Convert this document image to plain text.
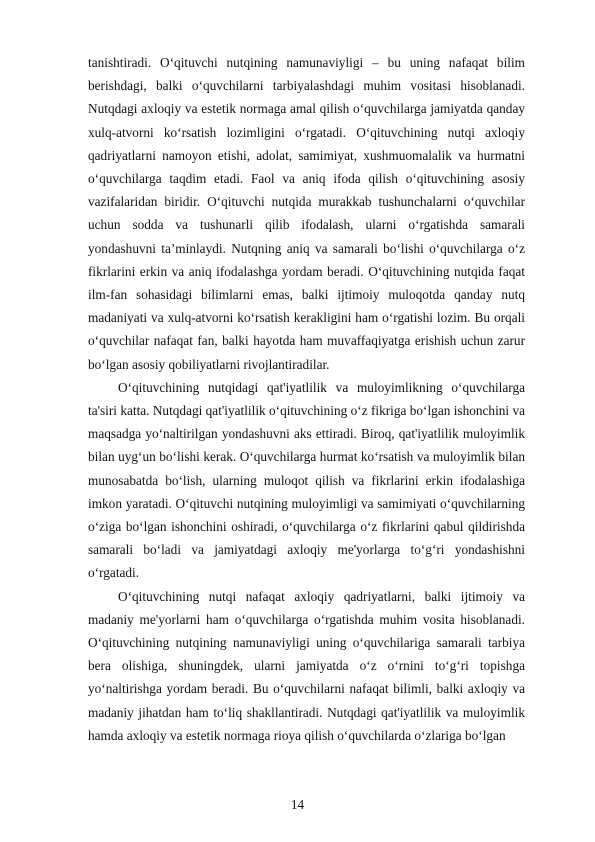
tanishtiradi. O‘qituvchi nutqining namunaviyligi – bu uning nafaqat bilim berishdagi, balki o‘quvchilarni tarbiyalashdagi muhim vositasi hisoblanadi. Nutqdagi axloqiy va estetik normaga amal qilish o‘quvchilarga jamiyatda qanday xulq-atvorni ko‘rsatish lozimligini o‘rgatadi. O‘qituvchining nutqi axloqiy qadriyatlarni namoyon etishi, adolat, samimiyat, xushmuomalalik va hurmatni o‘quvchilarga taqdim etadi. Faol va aniq ifoda qilish o‘qituvchining asosiy vazifalaridan biridir. O‘qituvchi nutqida murakkab tushunchalarni o‘quvchilar uchun sodda va tushunarli qilib ifodalash, ularni o‘rgatishda samarali yondashuvni ta’minlaydi. Nutqning aniq va samarali bo‘lishi o‘quvchilarga o‘z fikrlarini erkin va aniq ifodalashga yordam beradi. O‘qituvchining nutqida faqat ilm-fan sohasidagi bilimlarni emas, balki ijtimoiy muloqotda qanday nutq madaniyati va xulq-atvorni ko‘rsatish kerakligini ham o‘rgatishi lozim. Bu orqali o‘quvchilar nafaqat fan, balki hayotda ham muvaffaqiyatga erishish uchun zarur bo‘lgan asosiy qobiliyatlarni rivojlantiradilar.

O‘qituvchining nutqidagi qat'iyatlilik va muloyimlikning o‘quvchilarga ta'siri katta. Nutqdagi qat'iyatlilik o‘qituvchining o‘z fikriga bo‘lgan ishonchini va maqsadga yo‘naltirilgan yondashuvni aks ettiradi. Biroq, qat'iyatlilik muloyimlik bilan uyg‘un bo‘lishi kerak. O‘quvchilarga hurmat ko‘rsatish va muloyimlik bilan munosabatda bo‘lish, ularning muloqot qilish va fikrlarini erkin ifodalashiga imkon yaratadi. O‘qituvchi nutqining muloyimligi va samimiyati o‘quvchilarning o‘ziga bo‘lgan ishonchini oshiradi, o‘quvchilarga o‘z fikrlarini qabul qildirishda samarali bo‘ladi va jamiyatdagi axloqiy me'yorlarga to‘g‘ri yondashishni o‘rgatadi.

O‘qituvchining nutqi nafaqat axloqiy qadriyatlarni, balki ijtimoiy va madaniy me'yorlarni ham o‘quvchilarga o‘rgatishda muhim vosita hisoblanadi. O‘qituvchining nutqining namunaviyligi uning o‘quvchilariga samarali tarbiya bera olishiga, shuningdek, ularni jamiyatda o‘z o‘rnini to‘g‘ri topishga yo‘naltirishga yordam beradi. Bu o‘quvchilarni nafaqat bilimli, balki axloqiy va madaniy jihatdan ham to‘liq shakllantiradi. Nutqdagi qat'iyatlilik va muloyimlik hamda axloqiy va estetik normaga rioya qilish o‘quvchilarda o‘zlariga bo‘lgan

14
